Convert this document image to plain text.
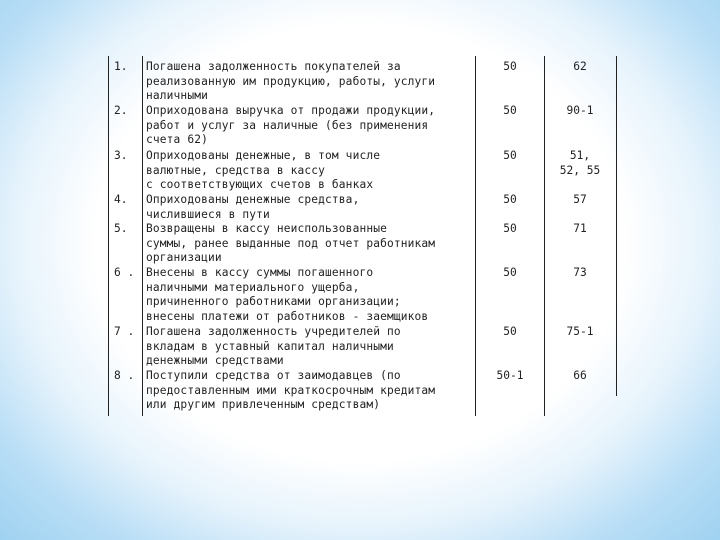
1.	Погашена задолженность покупателей за
реализованную им продукцию, работы, услуги
наличными
50	62
2.	Оприходована выручка от продажи продукции,
работ и услуг за наличные (без применения
счета 62)
50	90-1
3.	Оприходованы денежные, в том числе
валютные, средства в кассу
с соответствующих счетов в банках
50	51,
52, 55
4.	Оприходованы денежные средства,
числившиеся в пути
50	57
5.	Возвращены в кассу неиспользованные
суммы, ранее выданные под отчет работникам
организации
50	71
6 .	Внесены в кассу суммы погашенного
наличными материального ущерба,
причиненного работниками организации;
внесены платежи от работников - заемщиков
50	73
7 .	Погашена задолженность учредителей по
вкладам в уставный капитал наличными
денежными средствами
50	75-1
8 .	Поступили средства от заимодавцев (по
предоставленным ими краткосрочным кредитам
или другим привлеченным средствам)
50-1	66
